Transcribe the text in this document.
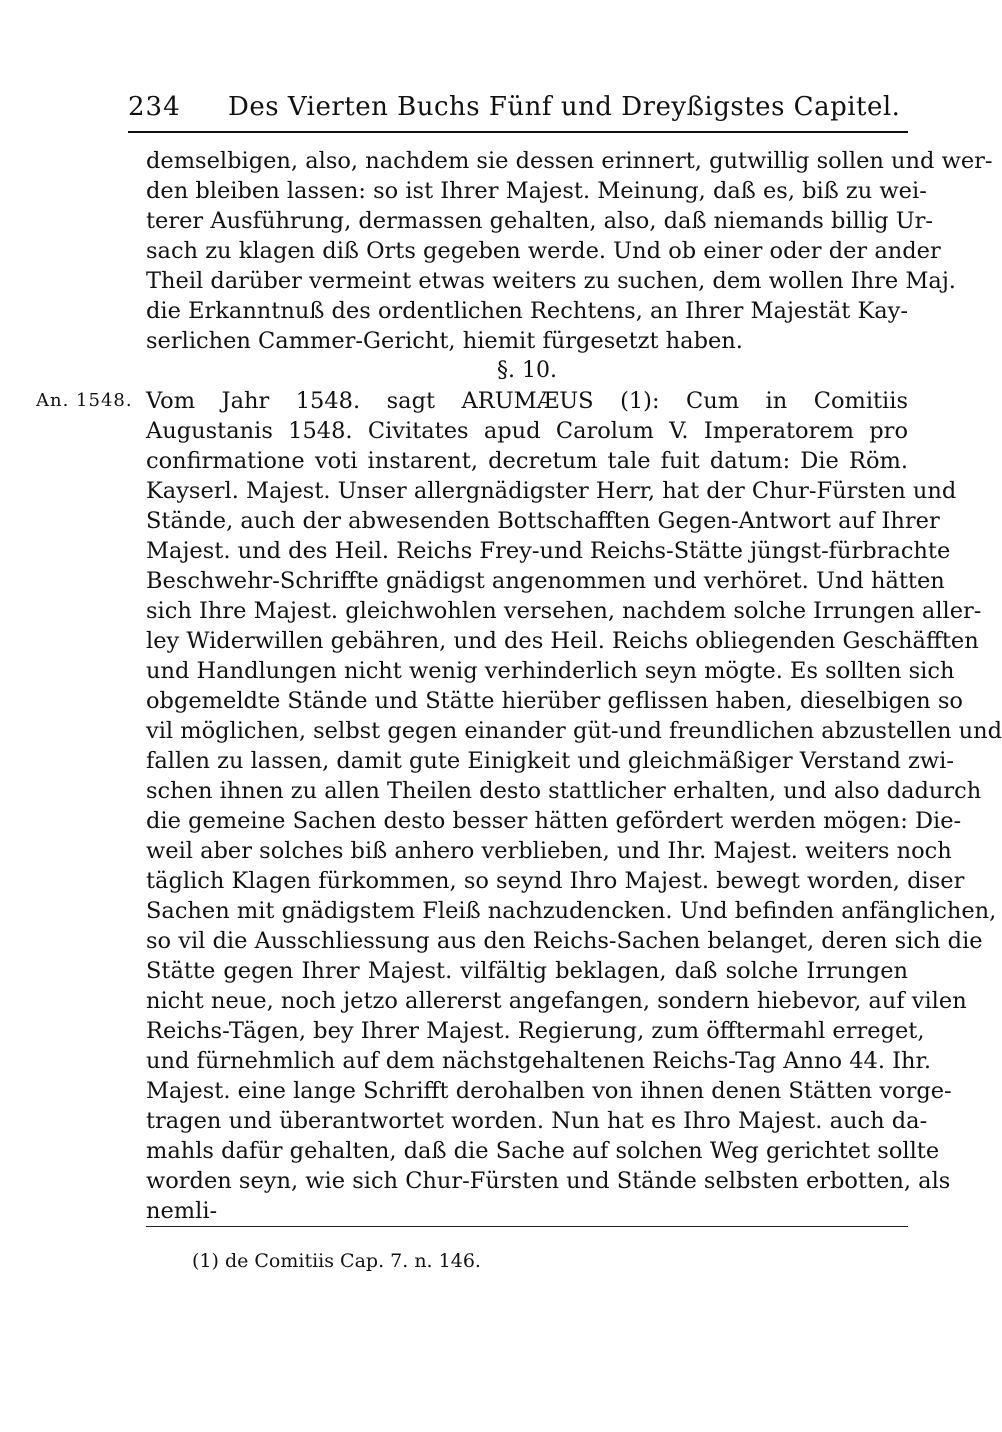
234 Des Vierten Buchs Fünf und Dreyßigstes Capitel.
demselbigen, also, nachdem sie dessen erinnert, gutwillig sollen und wer-
den bleiben lassen: so ist Ihrer Majest. Meinung, daß es, biß zu wei-
terer Ausführung, dermassen gehalten, also, daß niemands billig Ur-
sach zu klagen diß Orts gegeben werde. Und ob einer oder der ander
Theil darüber vermeint etwas weiters zu suchen, dem wollen Ihre Maj.
die Erkanntnuß des ordentlichen Rechtens, an Ihrer Majestät Kay-
serlichen Cammer-Gericht, hiemit fürgesetzt haben.
§. 10.
An. 1548. Vom Jahr 1548. sagt ARUMÆUS (1): Cum in Comitiis
Augustanis 1548. Civitates apud Carolum V. Imperatorem pro
confirmatione voti instarent, decretum tale fuit datum: Die Röm.
Kayserl. Majest. Unser allergnädigster Herr, hat der Chur-Fürsten und
Stände, auch der abwesenden Bottschafften Gegen-Antwort auf Ihrer
Majest. und des Heil. Reichs Frey-und Reichs-Stätte jüngst-fürbrachte
Beschwehr-Schriffte gnädigst angenommen und verhöret. Und hätten
sich Ihre Majest. gleichwohlen versehen, nachdem solche Irrungen aller-
ley Widerwillen gebähren, und des Heil. Reichs obliegenden Geschäfften
und Handlungen nicht wenig verhinderlich seyn mögte. Es sollten sich
obgemeldte Stände und Stätte hierüber geflissen haben, dieselbigen so
vil möglichen, selbst gegen einander güt-und freundlichen abzustellen und
fallen zu lassen, damit gute Einigkeit und gleichmäßiger Verstand zwi-
schen ihnen zu allen Theilen desto stattlicher erhalten, und also dadurch
die gemeine Sachen desto besser hätten gefördert werden mögen: Die-
weil aber solches biß anhero verblieben, und Ihr. Majest. weiters noch
täglich Klagen fürkommen, so seynd Ihro Majest. bewegt worden, diser
Sachen mit gnädigstem Fleiß nachzudencken. Und befinden anfänglichen,
so vil die Ausschliessung aus den Reichs-Sachen belanget, deren sich die
Stätte gegen Ihrer Majest. vilfältig beklagen, daß solche Irrungen
nicht neue, noch jetzo allererst angefangen, sondern hiebevor, auf vilen
Reichs-Tägen, bey Ihrer Majest. Regierung, zum öfftermahl erreget,
und fürnehmlich auf dem nächstgehaltenen Reichs-Tag Anno 44. Ihr.
Majest. eine lange Schrifft derohalben von ihnen denen Stätten vorge-
tragen und überantwortet worden. Nun hat es Ihro Majest. auch da-
mahls dafür gehalten, daß die Sache auf solchen Weg gerichtet sollte
worden seyn, wie sich Chur-Fürsten und Stände selbsten erbotten, als
nemli-
(1) de Comitiis Cap. 7. n. 146.
